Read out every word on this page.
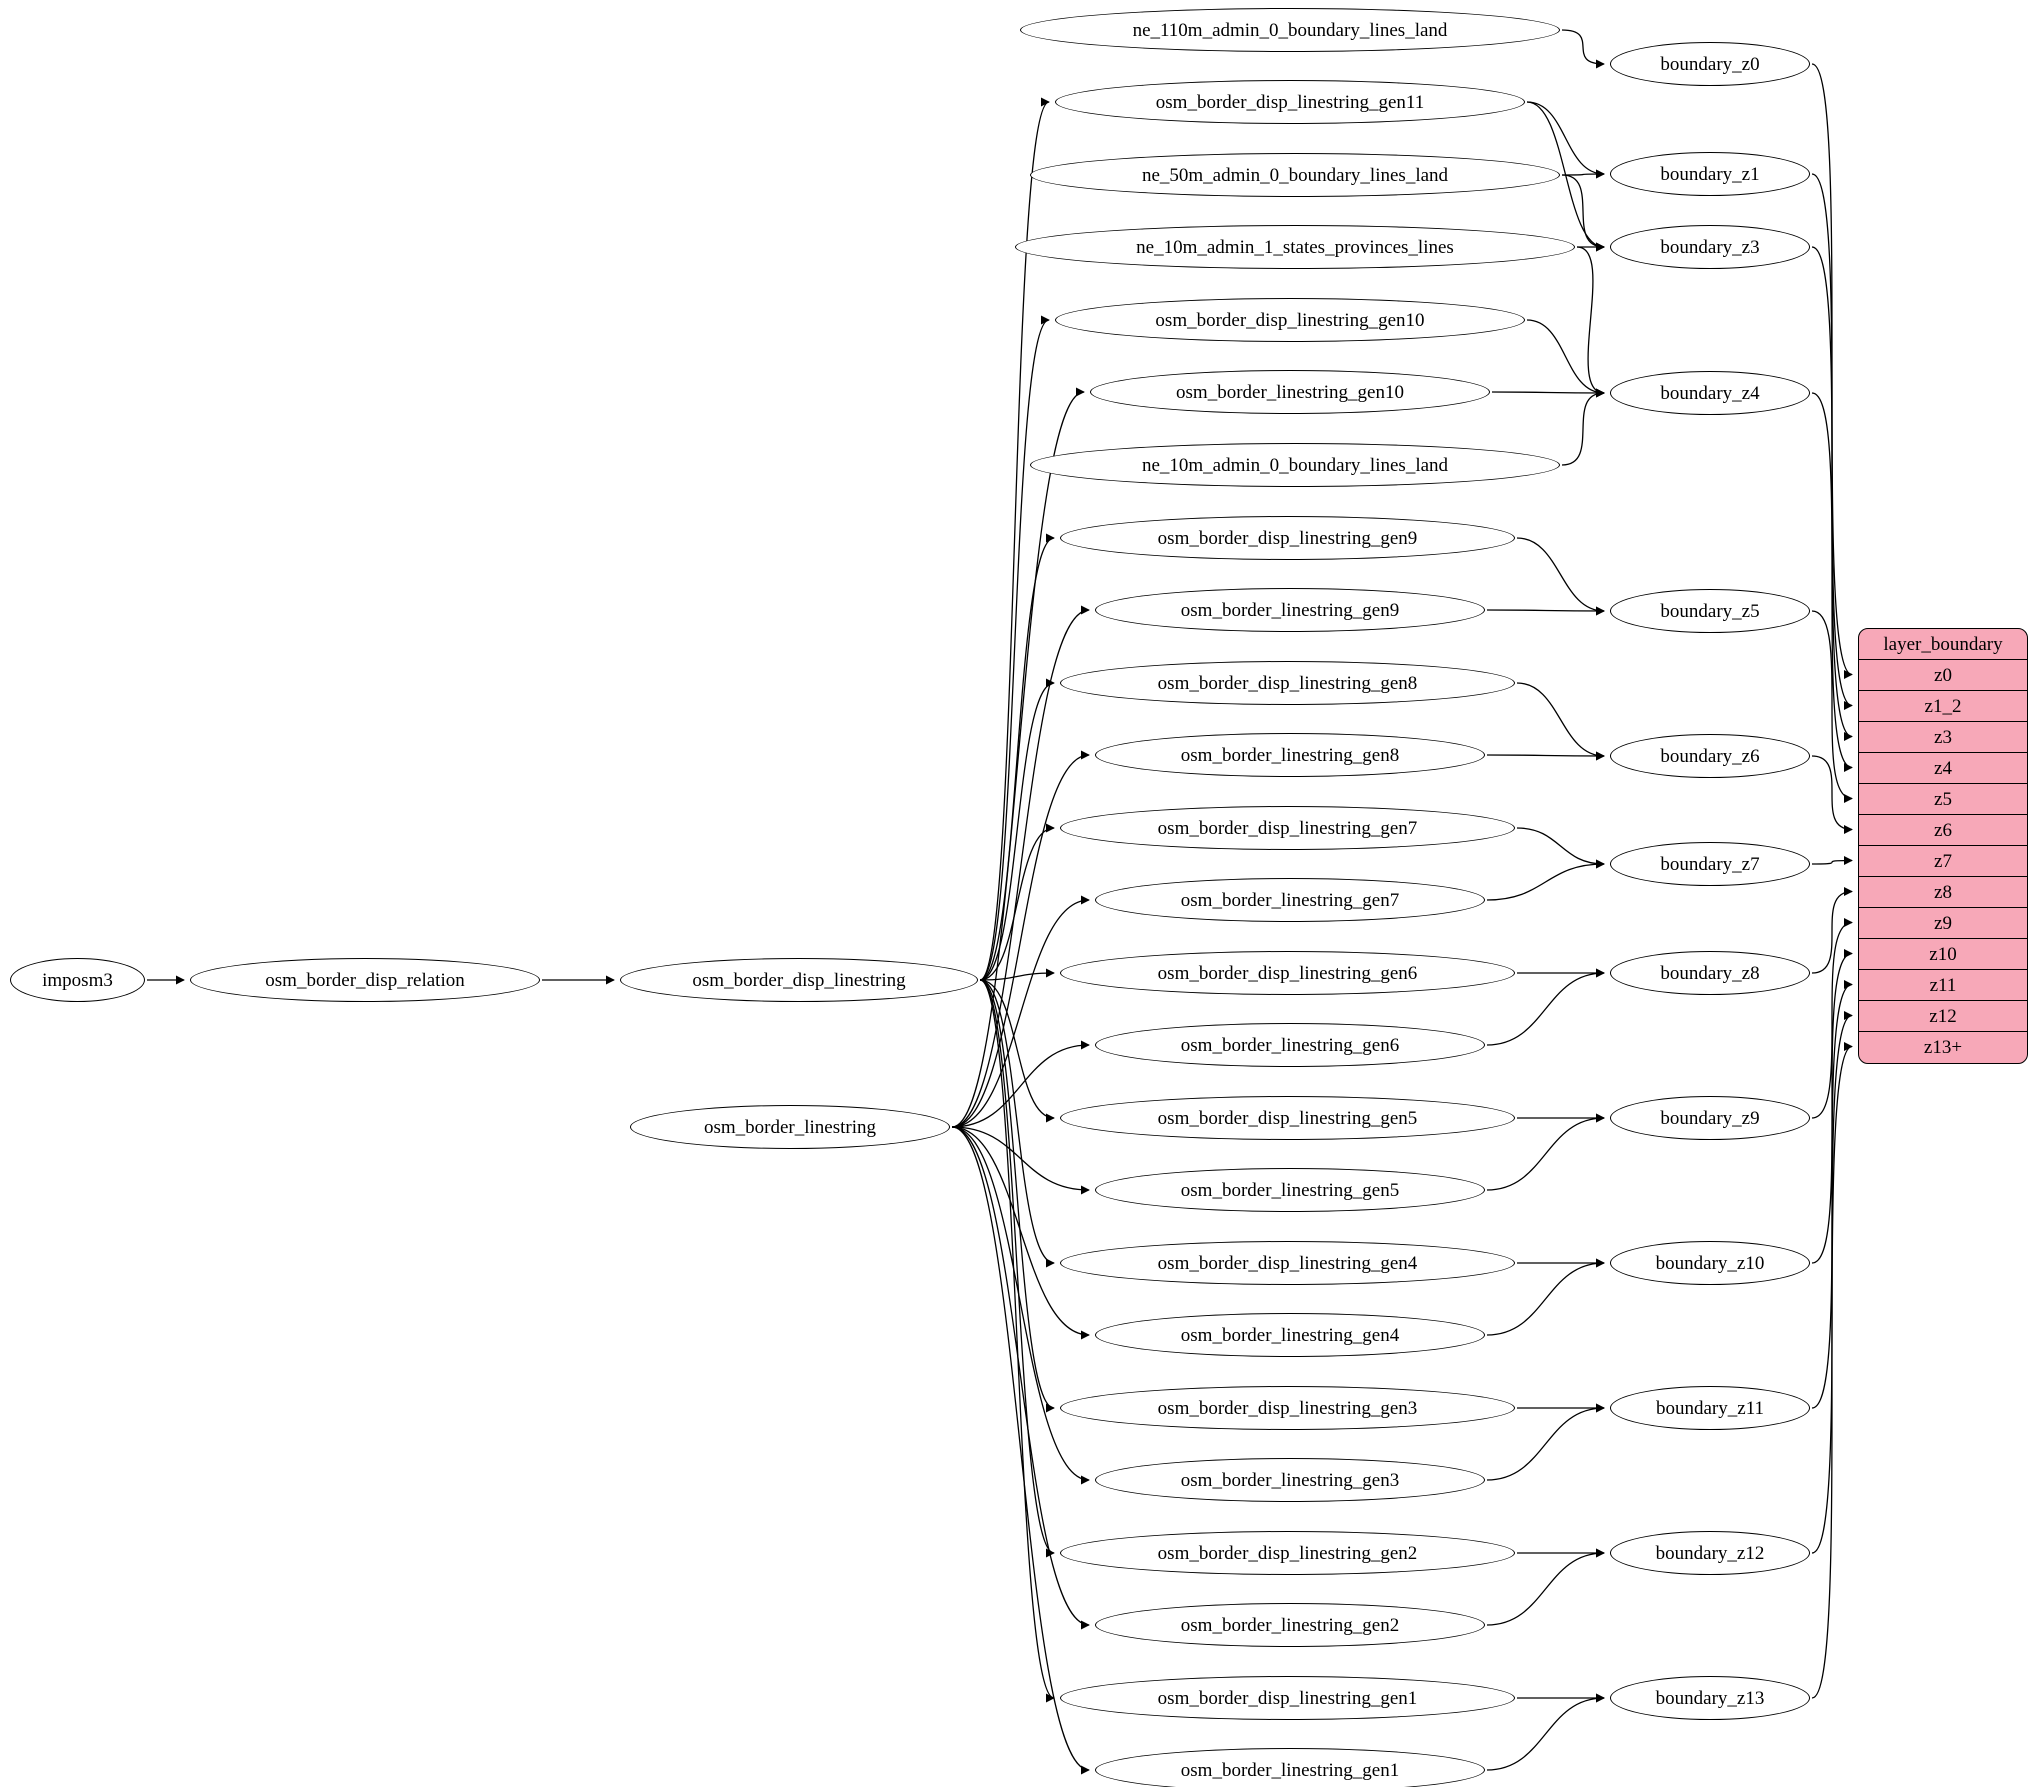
imposm3	osm_border_disp_relation	osm_border_disp_linestring
osm_border_linestring
ne_110m_admin_0_boundary_lines_land
osm_border_disp_linestring_gen11
ne_50m_admin_0_boundary_lines_land
ne_10m_admin_1_states_provinces_lines
osm_border_disp_linestring_gen10
osm_border_linestring_gen10
ne_10m_admin_0_boundary_lines_land
osm_border_disp_linestring_gen9
osm_border_linestring_gen9
osm_border_disp_linestring_gen8
osm_border_linestring_gen8
osm_border_disp_linestring_gen7
osm_border_linestring_gen7
osm_border_disp_linestring_gen6
osm_border_linestring_gen6
osm_border_disp_linestring_gen5
osm_border_linestring_gen5
osm_border_disp_linestring_gen4
osm_border_linestring_gen4
osm_border_disp_linestring_gen3
osm_border_linestring_gen3
osm_border_disp_linestring_gen2
osm_border_linestring_gen2
osm_border_disp_linestring_gen1
osm_border_linestring_gen1
boundary_z0
boundary_z1
boundary_z3
boundary_z4
boundary_z5
boundary_z6
boundary_z7
boundary_z8
boundary_z9
boundary_z10
boundary_z11
boundary_z12
boundary_z13
layer_boundary
z0
z1_2
z3
z4
z5
z6
z7
z8
z9
z10
z11
z12
z13+
